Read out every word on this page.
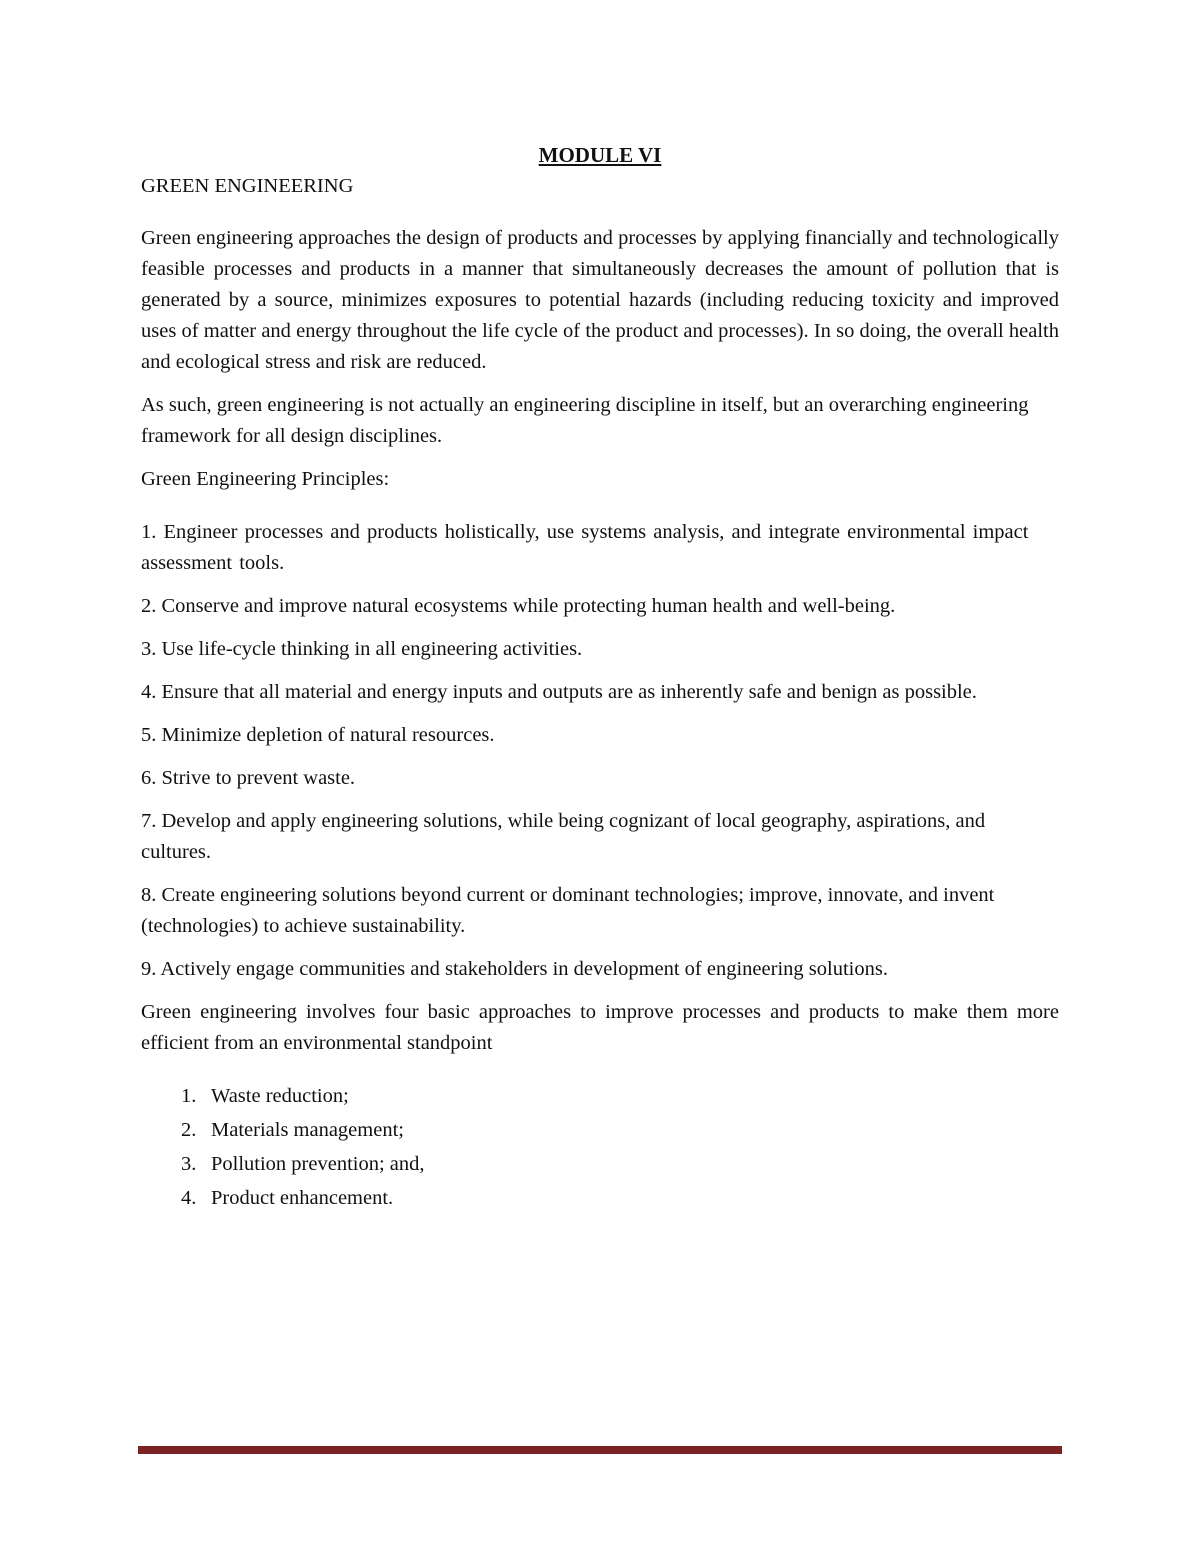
MODULE VI
GREEN ENGINEERING

Green engineering approaches the design of products and processes by applying financially and technologically feasible processes and products in a manner that simultaneously decreases the amount of pollution that is generated by a source, minimizes exposures to potential hazards (including reducing toxicity and improved uses of matter and energy throughout the life cycle of the product and processes). In so doing, the overall health and ecological stress and risk are reduced.

As such, green engineering is not actually an engineering discipline in itself, but an overarching engineering framework for all design disciplines.

Green Engineering Principles:

1. Engineer processes and products holistically, use systems analysis, and integrate environmental impact assessment tools.

2. Conserve and improve natural ecosystems while protecting human health and well-being.

3. Use life-cycle thinking in all engineering activities.

4. Ensure that all material and energy inputs and outputs are as inherently safe and benign as possible.

5. Minimize depletion of natural resources.

6. Strive to prevent waste.

7. Develop and apply engineering solutions, while being cognizant of local geography, aspirations, and cultures.

8. Create engineering solutions beyond current or dominant technologies; improve, innovate, and invent (technologies) to achieve sustainability.

9. Actively engage communities and stakeholders in development of engineering solutions.

Green engineering involves four basic approaches to improve processes and products to make them more efficient from an environmental standpoint

1. Waste reduction;
2. Materials management;
3. Pollution prevention; and,
4. Product enhancement.
